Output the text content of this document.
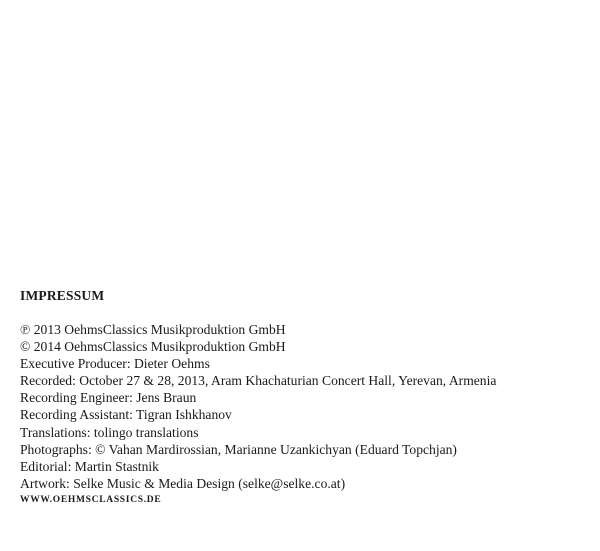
IMPRESSUM
℗ 2013 OehmsClassics Musikproduktion GmbH
© 2014 OehmsClassics Musikproduktion GmbH
Executive Producer: Dieter Oehms
Recorded: October 27 & 28, 2013, Aram Khachaturian Concert Hall, Yerevan, Armenia
Recording Engineer: Jens Braun
Recording Assistant: Tigran Ishkhanov
Translations: tolingo translations
Photographs: © Vahan Mardirossian, Marianne Uzankichyan (Eduard Topchjan)
Editorial: Martin Stastnik
Artwork: Selke Music & Media Design (selke@selke.co.at)
WWW.OEHMSCLASSICS.DE
